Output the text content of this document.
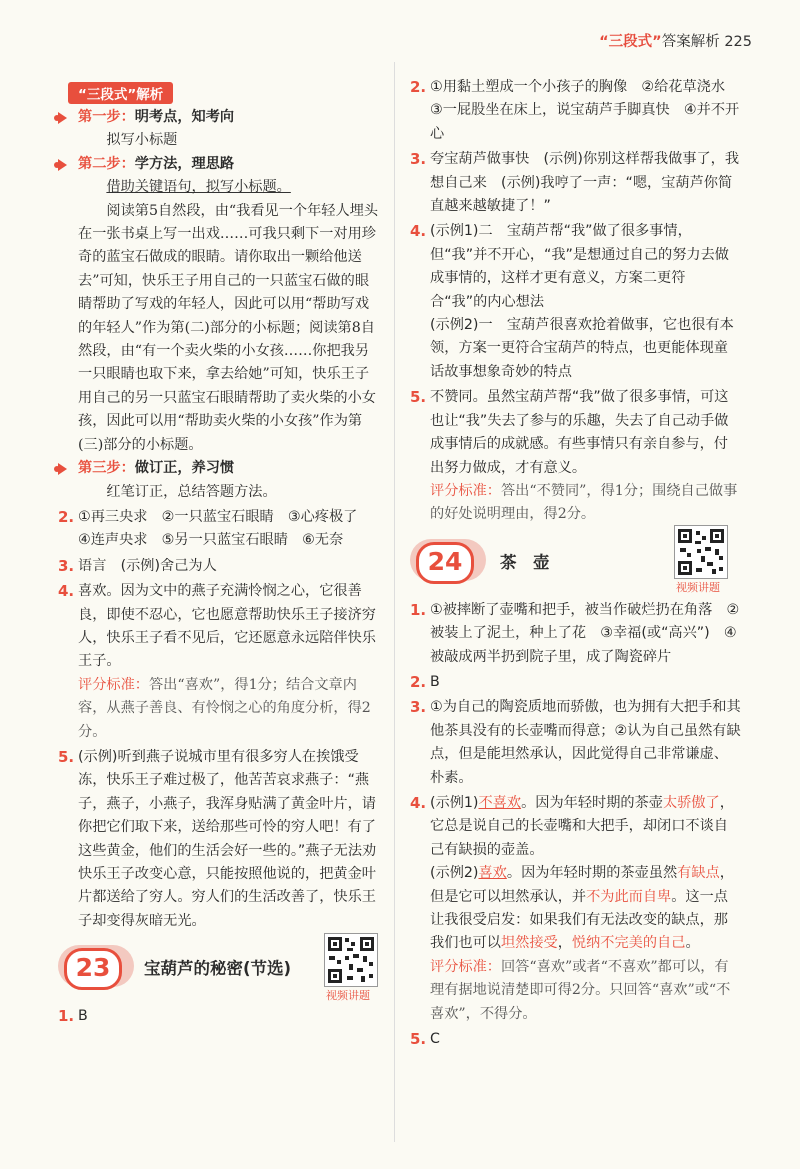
“三段式”答案解析 225
“三段式”解析
第一步：明考点，知考向

拟写小标题

第二步：学方法，理思路

借助关键语句，拟写小标题。

阅读第5自然段，由“我看见一个年轻人埋头在一张书桌上写一出戏……可我只剩下一对用珍奇的蓝宝石做成的眼睛。请你取出一颗给他送去”可知，快乐王子用自己的一只蓝宝石做的眼睛帮助了写戏的年轻人，因此可以用“帮助写戏的年轻人”作为第(二)部分的小标题；阅读第8自然段，由“有一个卖火柴的小女孩……你把我另一只眼睛也取下来，拿去给她”可知，快乐王子用自己的另一只蓝宝石眼睛帮助了卖火柴的小女孩，因此可以用“帮助卖火柴的小女孩”作为第(三)部分的小标题。

第三步：做订正，养习惯

红笔订正，总结答题方法。

2. ①再三央求　②一只蓝宝石眼睛　③心疼极了　④连声央求　⑤另一只蓝宝石眼睛　⑥无奈

3. 语言　(示例)舍己为人

4. 喜欢。因为文中的燕子充满怜悯之心，它很善良，即使不忍心，它也愿意帮助快乐王子接济穷人，快乐王子看不见后，它还愿意永远陪伴快乐王子。

评分标准：答出“喜欢”，得1分；结合文章内容，从燕子善良、有怜悯之心的角度分析，得2分。

5. (示例)听到燕子说城市里有很多穷人在挨饿受冻，快乐王子难过极了，他苦苦哀求燕子：“燕子，燕子，小燕子，我浑身贴满了黄金叶片，请你把它们取下来，送给那些可怜的穷人吧！有了这些黄金，他们的生活会好一些的。”燕子无法劝快乐王子改变心意，只能按照他说的，把黄金叶片都送给了穷人。穷人们的生活改善了，快乐王子却变得灰暗无光。

23	宝葫芦的秘密(节选)
视频讲题
1. B

2. ①用黏土塑成一个小孩子的胸像　②给花草浇水　③一屁股坐在床上，说宝葫芦手脚真快　④并不开心

3. 夸宝葫芦做事快　(示例)你别这样帮我做事了，我想自己来　(示例)我哼了一声：“嗯，宝葫芦你简直越来越敏捷了！”

4. (示例1)二　宝葫芦帮“我”做了很多事情，但“我”并不开心，“我”是想通过自己的努力去做成事情的，这样才更有意义，方案二更符合“我”的内心想法

(示例2)一　宝葫芦很喜欢抢着做事，它也很有本领，方案一更符合宝葫芦的特点，也更能体现童话故事想象奇妙的特点

5. 不赞同。虽然宝葫芦帮“我”做了很多事情，可这也让“我”失去了参与的乐趣，失去了自己动手做成事情后的成就感。有些事情只有亲自参与，付出努力做成，才有意义。

评分标准：答出“不赞同”，得1分；围绕自己做事的好处说明理由，得2分。

24	茶　壶
视频讲题
1. ①被摔断了壶嘴和把手，被当作破烂扔在角落　②被装上了泥土，种上了花　③幸福(或“高兴”)　④被敲成两半扔到院子里，成了陶瓷碎片

2. B

3. ①为自己的陶瓷质地而骄傲，也为拥有大把手和其他茶具没有的长壶嘴而得意；②认为自己虽然有缺点，但是能坦然承认，因此觉得自己非常谦虚、朴素。

4. (示例1)不喜欢。因为年轻时期的茶壶太骄傲了，它总是说自己的长壶嘴和大把手，却闭口不谈自己有缺损的壶盖。

(示例2)喜欢。因为年轻时期的茶壶虽然有缺点，但是它可以坦然承认，并不为此而自卑。这一点让我很受启发：如果我们有无法改变的缺点，那我们也可以坦然接受，悦纳不完美的自己。

评分标准：回答“喜欢”或者“不喜欢”都可以，有理有据地说清楚即可得2分。只回答“喜欢”或“不喜欢”，不得分。

5. C
